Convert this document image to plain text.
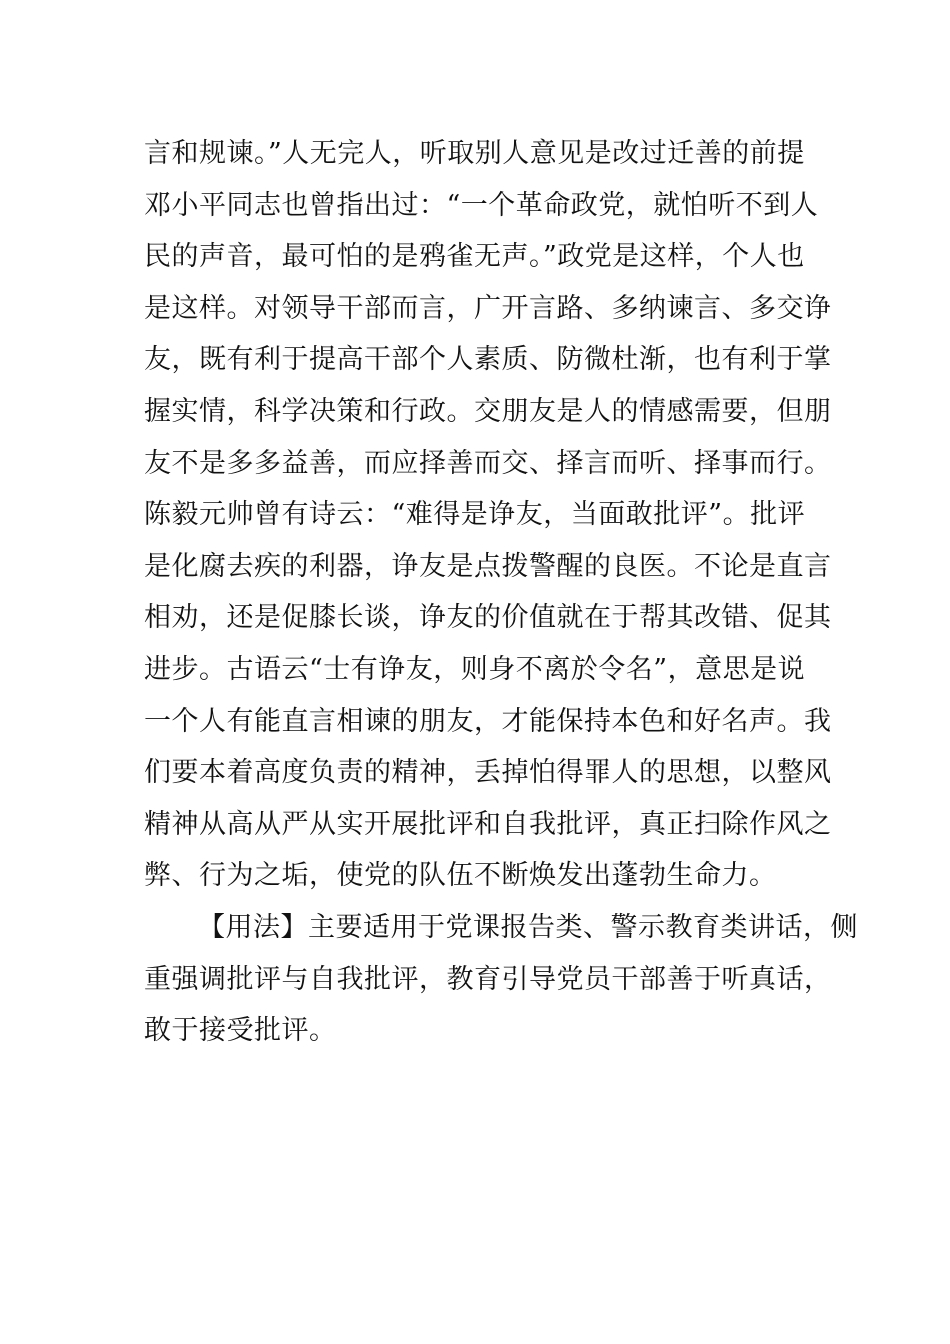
言和规谏。”人无完人，听取别人意见是改过迁善的前提
邓小平同志也曾指出过：“一个革命政党，就怕听不到人
民的声音，最可怕的是鸦雀无声。”政党是这样，个人也
是这样。对领导干部而言，广开言路、多纳谏言、多交诤
友，既有利于提高干部个人素质、防微杜渐，也有利于掌
握实情，科学决策和行政。交朋友是人的情感需要，但朋
友不是多多益善，而应择善而交、择言而听、择事而行。
陈毅元帅曾有诗云：“难得是诤友，当面敢批评”。批评
是化腐去疾的利器，诤友是点拨警醒的良医。不论是直言
相劝，还是促膝长谈，诤友的价值就在于帮其改错、促其
进步。古语云“士有诤友，则身不离於令名”，意思是说
一个人有能直言相谏的朋友，才能保持本色和好名声。我
们要本着高度负责的精神，丢掉怕得罪人的思想，以整风
精神从高从严从实开展批评和自我批评，真正扫除作风之
弊、行为之垢，使党的队伍不断焕发出蓬勃生命力。
【用法】主要适用于党课报告类、警示教育类讲话，侧
重强调批评与自我批评，教育引导党员干部善于听真话，
敢于接受批评。
